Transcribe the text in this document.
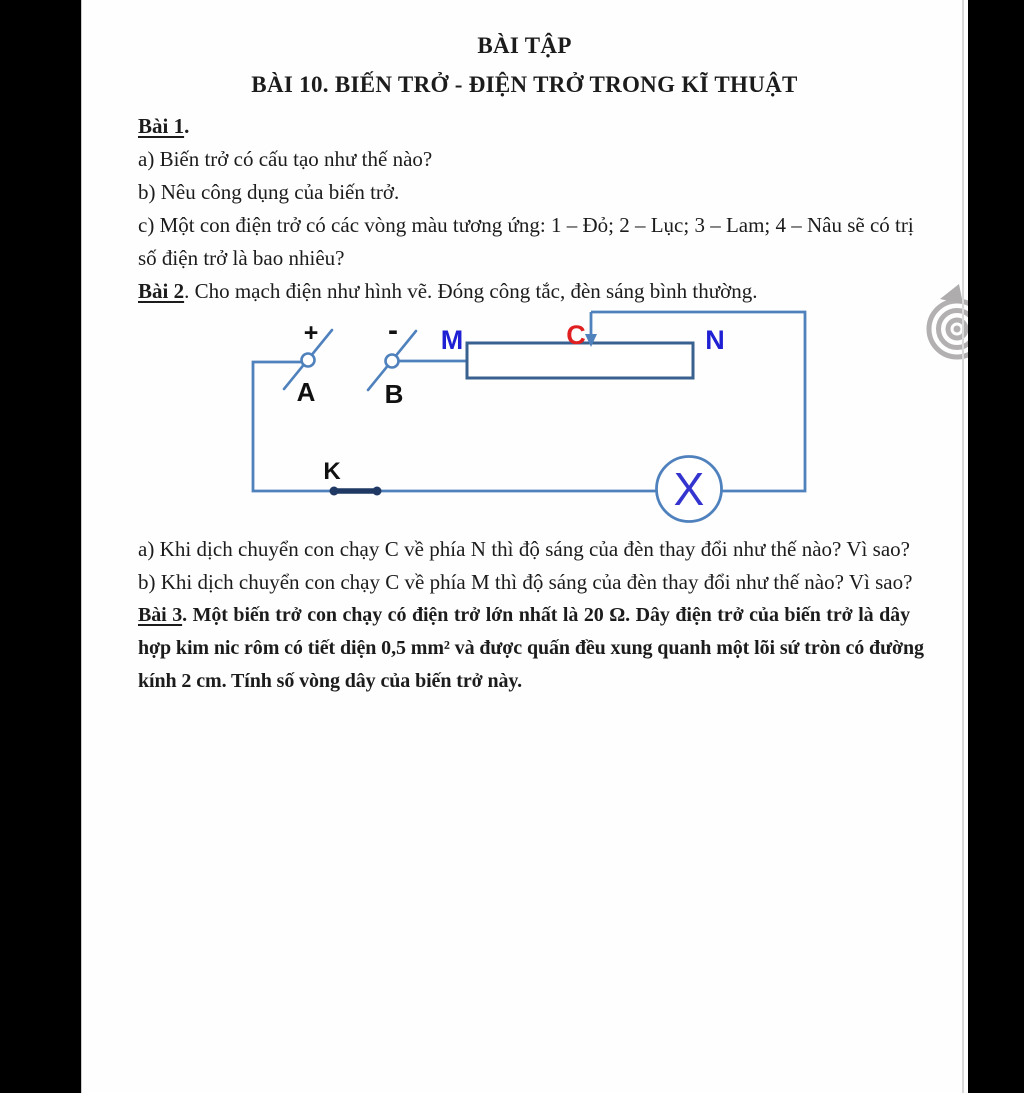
X
+ -
A	B
M	C	N
K
BÀI TẬP
BÀI 10. BIẾN TRỞ - ĐIỆN TRỞ TRONG KĨ THUẬT
Bài 1.
a) Biến trở có cấu tạo như thế nào?
b) Nêu công dụng của biến trở.
c) Một con điện trở có các vòng màu tương ứng: 1 – Đỏ; 2 – Lục; 3 – Lam; 4 – Nâu sẽ có trị
số điện trở là bao nhiêu?
Bài 2. Cho mạch điện như hình vẽ. Đóng công tắc, đèn sáng bình thường.
a) Khi dịch chuyển con chạy C về phía N thì độ sáng của đèn thay đổi như thế nào? Vì sao?
b) Khi dịch chuyển con chạy C về phía M thì độ sáng của đèn thay đổi như thế nào? Vì sao?
Bài 3. Một biến trở con chạy có điện trở lớn nhất là 20 Ω. Dây điện trở của biến trở là dây
hợp kim nic rôm có tiết diện 0,5 mm² và được quấn đều xung quanh một lõi sứ tròn có đường
kính 2 cm. Tính số vòng dây của biến trở này.
